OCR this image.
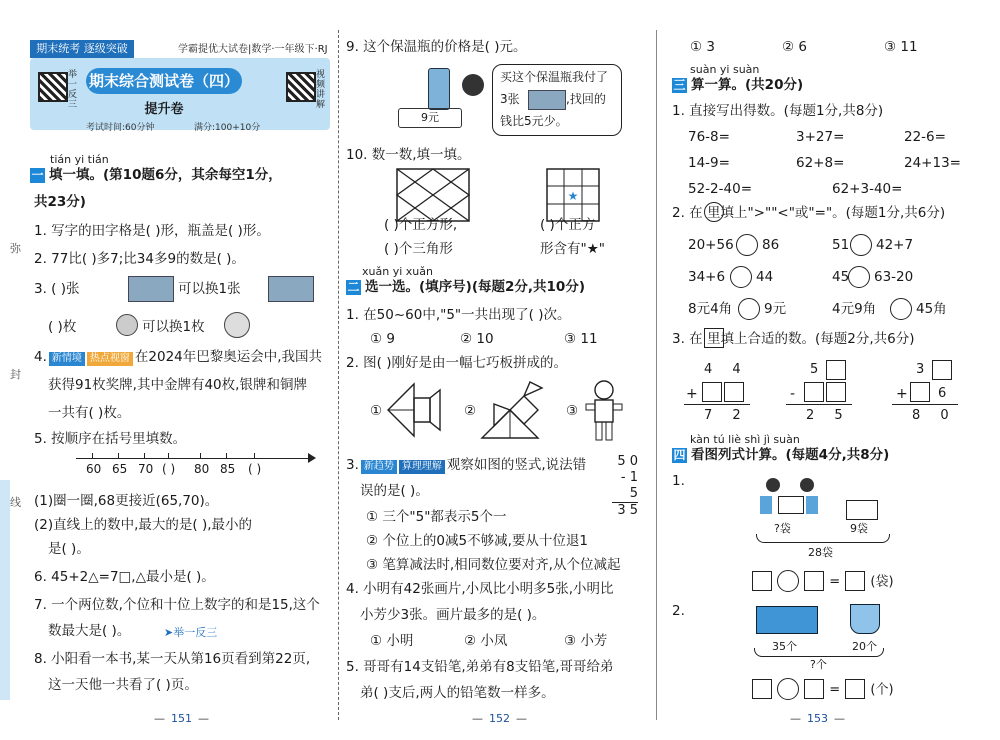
弥
封
线
期末统考 逐级突破	学霸提优大试卷|数学·一年级下·RJ
举一反三
期末综合测试卷（四）
提升卷
视频讲解
考试时间:60分钟	满分:100+10分
tián yi tián
一 填一填。(第10题6分，其余每空1分，
共23分)
1. 写字的田字格是( )形，瓶盖是( )形。
2. 77比( )多7;比34多9的数是( )。
3. ( )张	可以换1张
( )枚	可以换1枚
4. 新情境 热点视窗 在2024年巴黎奥运会中,我国共
获得91枚奖牌,其中金牌有40枚,银牌和铜牌
一共有( )枚。
5. 按顺序在括号里填数。
60 65 70 ( ) 80 85 ( )
(1)圈一圈,68更接近(65,70)。
(2)直线上的数中,最大的是( ),最小的
是( )。
6. 45+2△=7□,△最小是( )。
7. 一个两位数,个位和十位上数字的和是15,这个
数最大是( )。	➤举一反三
8. 小阳看一本书,某一天从第16页看到第22页,
这一天他一共看了( )页。
— 151 —
9. 这个保温瓶的价格是( )元。
9元
买这个保温瓶我付了
3张	,找回的
钱比5元少。
10. 数一数,填一填。
★
( )个正方形,
( )个三角形
( )个正方
形含有"★"
xuǎn yi xuǎn
二 选一选。(填序号)(每题2分,共10分)
1. 在50~60中,"5"一共出现了( )次。
① 9	② 10	③ 11
2. 图( )刚好是由一幅七巧板拼成的。
①	②	③
3. 新趋势 算理理解 观察如图的竖式,说法错
误的是( )。
5 0
- 1 5
3 5
① 三个"5"都表示5个一
② 个位上的0减5不够减,要从十位退1
③ 笔算减法时,相同数位要对齐,从个位减起
4. 小明有42张画片,小凤比小明多5张,小明比
小芳少3张。画片最多的是( )。
① 小明	② 小凤	③ 小芳
5. 哥哥有14支铅笔,弟弟有8支铅笔,哥哥给弟
弟( )支后,两人的铅笔数一样多。
— 152 —
① 3	② 6	③ 11
suàn yi suàn
三 算一算。(共20分)
1. 直接写出得数。(每题1分,共8分)
76-8=	3+27=	22-6=
14-9=	62+8=	24+13=
52-2-40=	62+3-40=
2. 在 里填上">""<"或"="。(每题1分,共6分)
20+56 86	51 42+7
34+6 44	45 63-20
8元4角 9元	4元9角	45角
3. 在 里填上合适的数。(每题2分,共6分)
4 4
+
7 2
5
-
2 5
3
+ 6
8 0
kàn tú liè shì jì suàn
四 看图列式计算。(每题4分,共8分)
1.
?袋	9袋
28袋
= (袋)
2.
35个	20个
?个
= (个)
— 153 —
